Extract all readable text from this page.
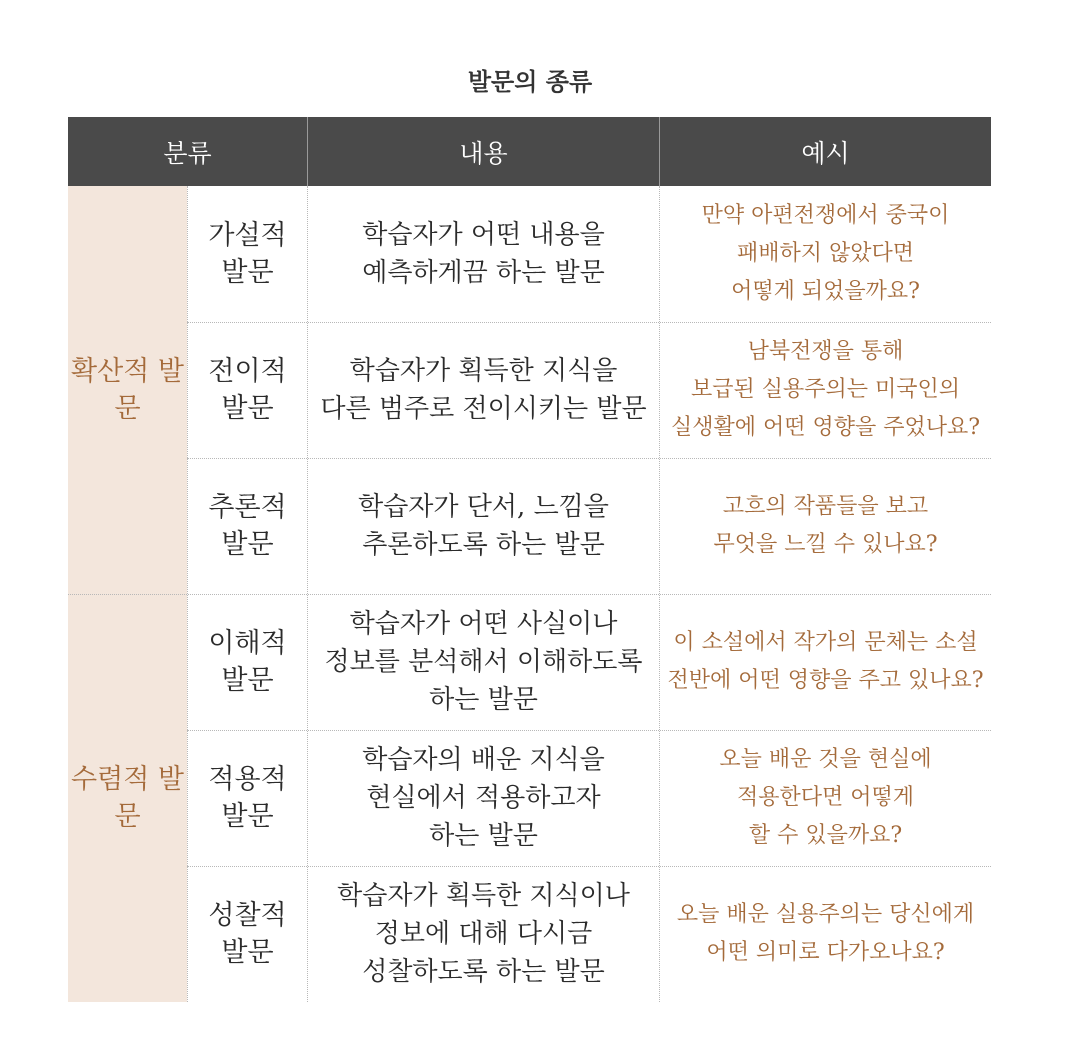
발문의 종류
분류	내용	예시
확산적 발문
수렴적 발문
가설적
발문
학습자가 어떤 내용을
예측하게끔 하는 발문
만약 아편전쟁에서 중국이
패배하지 않았다면
어떻게 되었을까요?
전이적
발문
학습자가 획득한 지식을
다른 범주로 전이시키는 발문
남북전쟁을 통해
보급된 실용주의는 미국인의
실생활에 어떤 영향을 주었나요?
추론적
발문
학습자가 단서, 느낌을
추론하도록 하는 발문
고흐의 작품들을 보고
무엇을 느낄 수 있나요?
이해적
발문
학습자가 어떤 사실이나
정보를 분석해서 이해하도록
하는 발문
이 소설에서 작가의 문체는 소설
전반에 어떤 영향을 주고 있나요?
적용적
발문
학습자의 배운 지식을
현실에서 적용하고자
하는 발문
오늘 배운 것을 현실에
적용한다면 어떻게
할 수 있을까요?
성찰적
발문
학습자가 획득한 지식이나
정보에 대해 다시금
성찰하도록 하는 발문
오늘 배운 실용주의는 당신에게
어떤 의미로 다가오나요?
